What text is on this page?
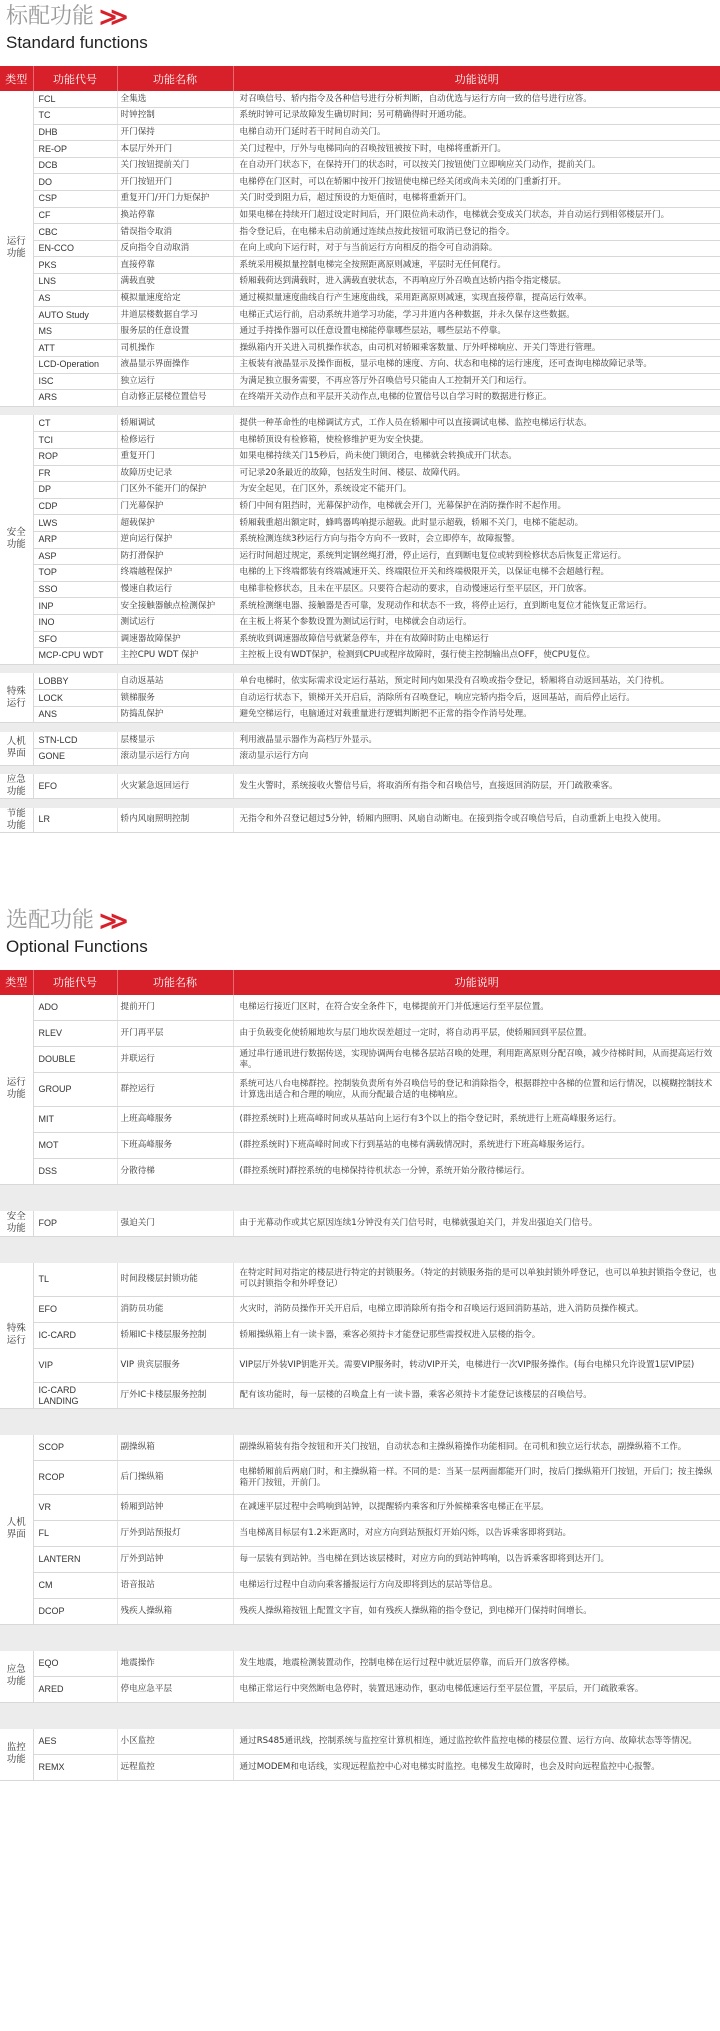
标配功能 >>
Standard functions
类型	功能代号	功能名称	功能说明
运行
功能	FCL	全集选	对召唤信号、轿内指令及各种信号进行分析判断，自动优选与运行方向一致的信号进行应答。
	TC	时钟控制	系统时钟可记录故障发生确切时间；另可精确得时开通功能。
	DHB	开门保持	电梯自动开门延时若干时间自动关门。
	RE-OP	本层厅外开门	关门过程中，厅外与电梯同向的召唤按钮被按下时，电梯将重新开门。
	DCB	关门按钮提前关门	在自动开门状态下，在保持开门的状态时，可以按关门按钮使门立即响应关门动作，提前关门。
	DO	开门按钮开门	电梯停在门区时，可以在轿厢中按开门按钮使电梯已经关闭或尚未关闭的门重新打开。
	CSP	重复开门/开门力矩保护	关门时受到阻力后，超过预设的力矩值时，电梯将重新开门。
	CF	换站停靠	如果电梯在持续开门超过设定时间后，开门限位尚未动作，电梯就会变成关门状态，并自动运行到相邻楼层开门。
	CBC	错误指令取消	指令登记后，在电梯未启动前通过连续点按此按钮可取消已登记的指令。
	EN-CCO	反向指令自动取消	在向上或向下运行时，对于与当前运行方向相反的指令可自动消除。
	PKS	直接停靠	系统采用模拟量控制电梯完全按照距离原则减速，平层时无任何爬行。
	LNS	满载直驶	轿厢载荷达到满载时，进入满载直驶状态，不再响应厅外召唤直达轿内指令指定楼层。
	AS	模拟量速度给定	通过模拟量速度曲线自行产生速度曲线，采用距离原则减速，实现直接停靠，提高运行效率。
	AUTO Study	井道层楼数据自学习	电梯正式运行前，启动系统井道学习功能，学习井道内各种数据，并永久保存这些数据。
	MS	服务层的任意设置	通过手持操作器可以任意设置电梯能停靠哪些层站，哪些层站不停靠。
	ATT	司机操作	操纵箱内开关进入司机操作状态，由司机对轿厢乘客数量、厅外呼梯响应、开关门等进行管理。
	LCD-Operation	液晶显示界面操作	主板装有液晶显示及操作面板，显示电梯的速度、方向、状态和电梯的运行速度，还可查询电梯故障记录等。
	ISC	独立运行	为满足独立服务需要，不再应答厅外召唤信号只能由人工控制开关门和运行。
	ARS	自动修正层楼位置信号	在终端开关动作点和平层开关动作点,电梯的位置信号以自学习时的数据进行修正。

安全
功能	CT	轿厢调试	提供一种革命性的电梯调试方式，工作人员在轿厢中可以直接调试电梯、监控电梯运行状态。
	TCI	检修运行	电梯轿顶设有检修箱，使检修维护更为安全快捷。
	ROP	重复开门	如果电梯持续关门15秒后，尚未使门锁闭合，电梯就会转换成开门状态。
	FR	故障历史记录	可记录20条最近的故障，包括发生时间、楼层、故障代码。
	DP	门区外不能开门的保护	为安全起见，在门区外，系统设定不能开门。
	CDP	门光幕保护	轿门中间有阻挡时，光幕保护动作，电梯就会开门，光幕保护在消防操作时不起作用。
	LWS	超载保护	轿厢载重超出额定时，蜂鸣器鸣响提示超载。此时显示超载，轿厢不关门，电梯不能起动。
	ARP	逆向运行保护	系统检测连续3秒运行方向与指令方向不一致时，会立即停车，故障报警。
	ASP	防打滑保护	运行时间超过规定，系统判定钢丝绳打滑，停止运行，直到断电复位或转到检修状态后恢复正常运行。
	TOP	终端越程保护	电梯的上下终端都装有终端减速开关、终端限位开关和终端极限开关，以保证电梯不会超越行程。
	SSO	慢速自救运行	电梯非检修状态，且未在平层区。只要符合起动的要求，自动慢速运行至平层区，开门放客。
	INP	安全接触器触点检测保护	系统检测继电器、接触器是否可靠，发现动作和状态不一致，将停止运行，直到断电复位才能恢复正常运行。
	INO	测试运行	在主板上将某个参数设置为测试运行时，电梯就会自动运行。
	SFO	调速器故障保护	系统收到调速器故障信号就紧急停车，并在有故障时防止电梯运行
	MCP-CPU WDT	主控CPU WDT 保护	主控板上设有WDT保护，检测到CPU或程序故障时，强行使主控制输出点OFF，使CPU复位。

特殊
运行	LOBBY	自动返基站	单台电梯时，依实际需求设定运行基站，预定时间内如果没有召唤或指令登记，轿厢将自动返回基站，关门待机。
	LOCK	锁梯服务	自动运行状态下，锁梯开关开启后，消除所有召唤登记，响应完轿内指令后，返回基站，而后停止运行。
	ANS	防捣乱保护	避免空梯运行，电脑通过对载重量进行逻辑判断把不正常的指令作消号处理。

人机
界面	STN-LCD	层楼显示	利用液晶显示器作为高档厅外显示。
	GONE	滚动显示运行方向	滚动显示运行方向

应急
功能	EFO	火灾紧急返回运行	发生火警时，系统接收火警信号后，将取消所有指令和召唤信号，直接返回消防层，开门疏散乘客。

节能
功能	LR	轿内风扇照明控制	无指令和外召登记超过5分钟，轿厢内照明、风扇自动断电。在接到指令或召唤信号后，自动重新上电投入使用。
选配功能 >>
Optional Functions
类型	功能代号	功能名称	功能说明
运行
功能	ADO	提前开门	电梯运行接近门区时，在符合安全条件下，电梯提前开门并低速运行至平层位置。
	RLEV	开门再平层	由于负载变化使轿厢地坎与层门地坎误差超过一定时，将自动再平层，使轿厢回到平层位置。
	DOUBLE	并联运行	通过串行通讯进行数据传送，实现协调两台电梯各层站召唤的处理，利用距离原则分配召唤，减少待梯时间，从而提高运行效率。
	GROUP	群控运行	系统可达八台电梯群控。控制装负责所有外召唤信号的登记和消除指令，根据群控中各梯的位置和运行情况，以模糊控制技术计算选出适合和合理的响应，从而分配最合适的电梯响应。
	MIT	上班高峰服务	(群控系统时)上班高峰时间或从基站向上运行有3个以上的指令登记时，系统进行上班高峰服务运行。
	MOT	下班高峰服务	(群控系统时)下班高峰时间或下行到基站的电梯有满载情况时，系统进行下班高峰服务运行。
	DSS	分散待梯	(群控系统时)群控系统的电梯保持待机状态一分钟，系统开始分散待梯运行。

安全
功能	FOP	强迫关门	由于光幕动作或其它原因连续1分钟没有关门信号时，电梯就强迫关门，并发出强迫关门信号。

特殊
运行	TL	时间段楼层封锁功能	在特定时间对指定的楼层进行特定的封锁服务。（特定的封锁服务指的是可以单独封锁外呼登记，也可以单独封锁指令登记，也可以封锁指令和外呼登记）
	EFO	消防员功能	火灾时，消防员操作开关开启后，电梯立即消除所有指令和召唤运行返回消防基站，进入消防员操作模式。
	IC-CARD	轿厢IC卡楼层服务控制	轿厢操纵箱上有一读卡器，乘客必须持卡才能登记那些需授权进入层楼的指令。
	VIP	VIP 贵宾层服务	VIP层厅外装VIP钥匙开关。需要VIP服务时，转动VIP开关，电梯进行一次VIP服务操作。(每台电梯只允许设置1层VIP层)
	IC-CARD LANDING	厅外IC卡楼层服务控制	配有该功能时，每一层楼的召唤盒上有一读卡器，乘客必须持卡才能登记该楼层的召唤信号。

人机
界面	SCOP	副操纵箱	副操纵箱装有指令按钮和开关门按钮，自动状态和主操纵箱操作功能相同。在司机和独立运行状态，副操纵箱不工作。
	RCOP	后门操纵箱	电梯轿厢前后两扇门时，和主操纵箱一样。不同的是：当某一层两面都能开门时，按后门操纵箱开门按钮，开后门；按主操纵箱开门按钮，开前门。
	VR	轿厢到站钟	在减速平层过程中会鸣响到站钟，以提醒轿内乘客和厅外候梯乘客电梯正在平层。
	FL	厅外到站预报灯	当电梯离目标层有1.2米距离时，对应方向到站预报灯开始闪烁，以告诉乘客即将到站。
	LANTERN	厅外到站钟	每一层装有到站钟。当电梯在到达该层楼时，对应方向的到站钟鸣响，以告诉乘客即将到达开门。
	CM	语音报站	电梯运行过程中自动向乘客播报运行方向及即将到达的层站等信息。
	DCOP	残疾人操纵箱	残疾人操纵箱按钮上配置文字盲，如有残疾人操纵箱的指令登记，到电梯开门保持时间增长。

应急
功能	EQO	地震操作	发生地震，地震检测装置动作，控制电梯在运行过程中就近层停靠，而后开门放客停梯。
	ARED	停电应急平层	电梯正常运行中突然断电急停时，装置迅速动作，驱动电梯低速运行至平层位置，平层后，开门疏散乘客。

监控
功能	AES	小区监控	通过RS485通讯线，控制系统与监控室计算机相连，通过监控软件监控电梯的楼层位置、运行方向、故障状态等等情况。
	REMX	远程监控	通过MODEM和电话线，实现远程监控中心对电梯实时监控。电梯发生故障时，也会及时向远程监控中心报警。
